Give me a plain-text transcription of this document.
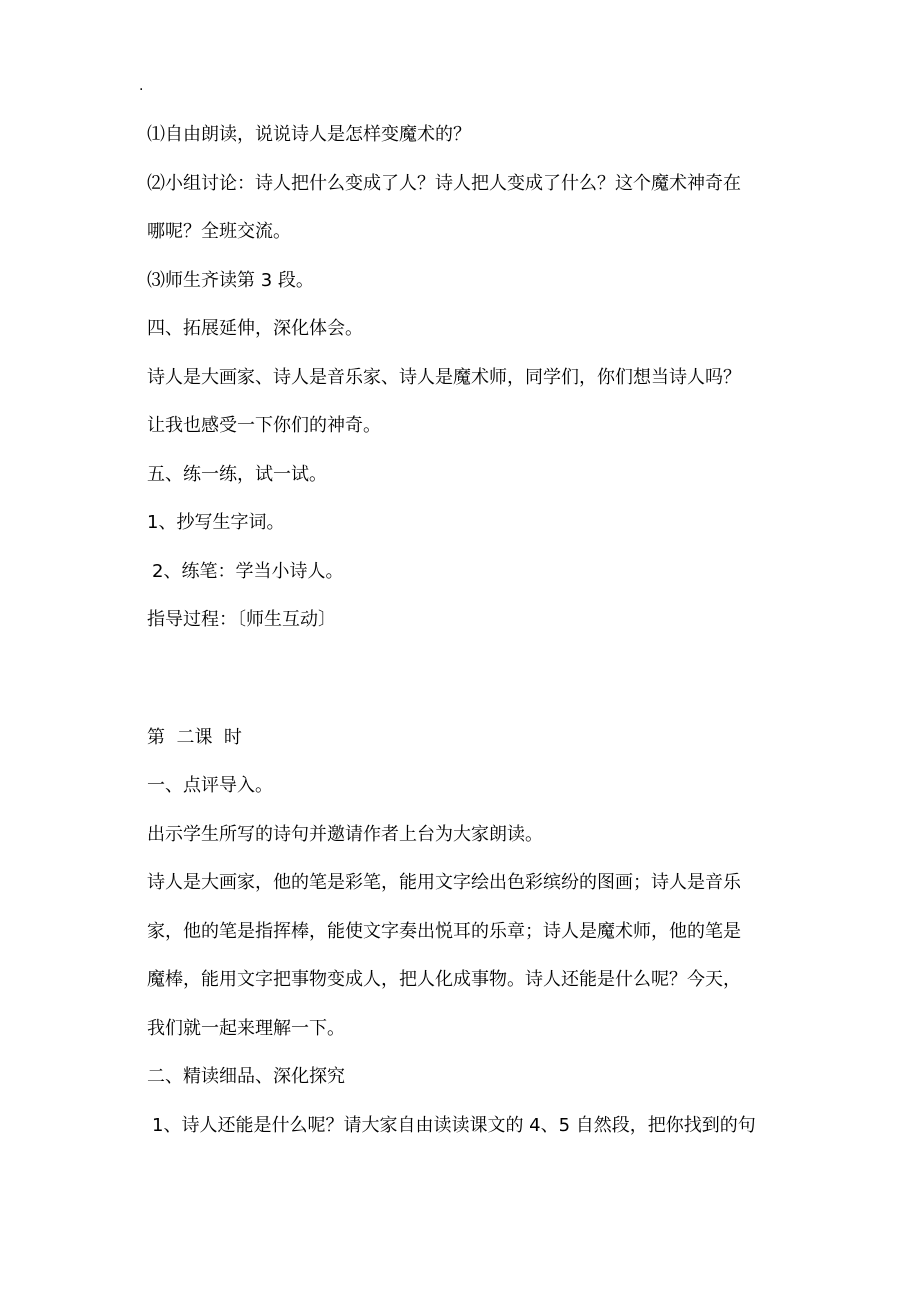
.
⑴自由朗读，说说诗人是怎样变魔术的？
⑵小组讨论：诗人把什么变成了人？诗人把人变成了什么？这个魔术神奇在
哪呢？全班交流。
⑶师生齐读第 3 段。
四、拓展延伸，深化体会。
诗人是大画家、诗人是音乐家、诗人是魔术师，同学们，你们想当诗人吗？
让我也感受一下你们的神奇。
五、练一练，试一试。
1、抄写生字词。
2、练笔：学当小诗人。
指导过程：〔师生互动〕
第  二课  时
一、点评导入。
出示学生所写的诗句并邀请作者上台为大家朗读。
诗人是大画家，他的笔是彩笔，能用文字绘出色彩缤纷的图画；诗人是音乐
家，他的笔是指挥棒，能使文字奏出悦耳的乐章；诗人是魔术师，他的笔是
魔棒，能用文字把事物变成人，把人化成事物。诗人还能是什么呢？今天，
我们就一起来理解一下。
二、精读细品、深化探究
1、诗人还能是什么呢？请大家自由读读课文的 4、5 自然段，把你找到的句
